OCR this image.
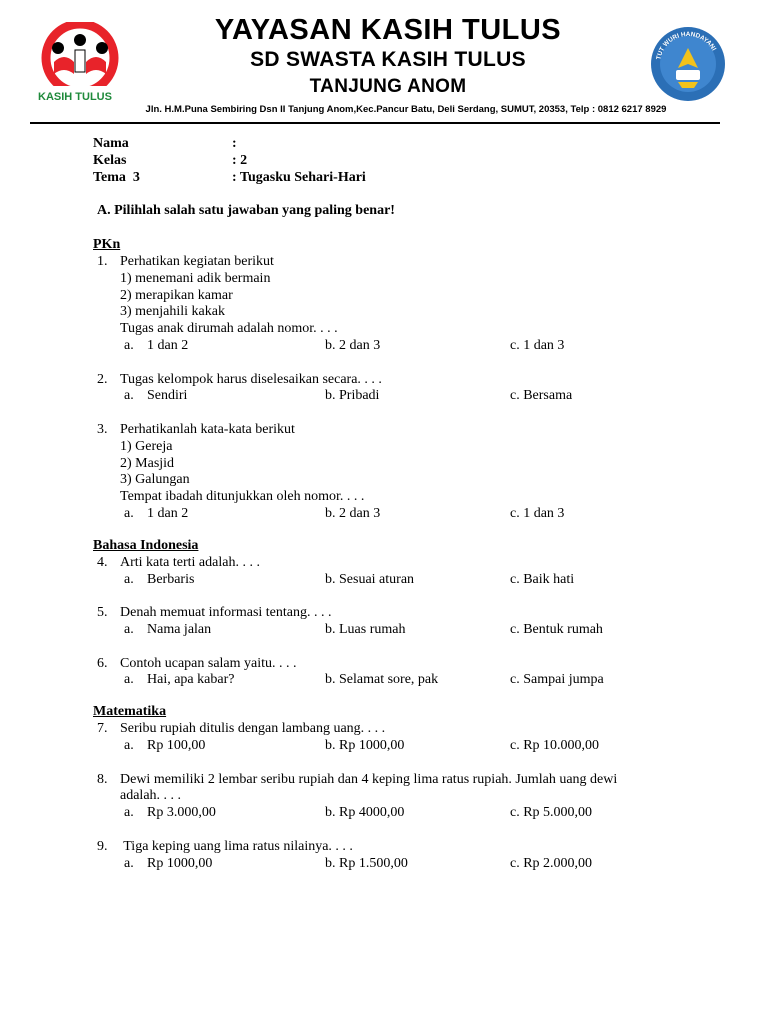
KASIH TULUS
TUT WURI HANDAYANI
YAYASAN KASIH TULUS
SD SWASTA KASIH TULUS
TANJUNG ANOM
Jln. H.M.Puna Sembiring Dsn II Tanjung Anom,Kec.Pancur Batu, Deli Serdang, SUMUT, 20353, Telp : 0812 6217 8929
Nama	:
Kelas	: 2
Tema  3	: Tugasku Sehari-Hari
A. Pilihlah salah satu jawaban yang paling benar!
PKn
1. Perhatikan kegiatan berikut
1) menemani adik bermain
2) merapikan kamar
3) menjahili kakak
Tugas anak dirumah adalah nomor. . . .
a. 1 dan 2	b. 2 dan 3	c. 1 dan 3
2. Tugas kelompok harus diselesaikan secara. . . .
a. Sendiri	b. Pribadi	c. Bersama
3. Perhatikanlah kata-kata berikut
1) Gereja
2) Masjid
3) Galungan
Tempat ibadah ditunjukkan oleh nomor. . . .
a. 1 dan 2	b. 2 dan 3	c. 1 dan 3
Bahasa Indonesia
4. Arti kata terti adalah. . . .
a. Berbaris	b. Sesuai aturan	c. Baik hati
5. Denah memuat informasi tentang. . . .
a. Nama jalan	b. Luas rumah	c. Bentuk rumah
6. Contoh ucapan salam yaitu. . . .
a. Hai, apa kabar?	b. Selamat sore, pak	c. Sampai jumpa
Matematika
7. Seribu rupiah ditulis dengan lambang uang. . . .
a. Rp 100,00	b. Rp 1000,00	c. Rp 10.000,00
8. Dewi memiliki 2 lembar seribu rupiah dan 4 keping lima ratus rupiah. Jumlah uang dewi
adalah. . . .
a. Rp 3.000,00	b. Rp 4000,00	c. Rp 5.000,00
9. Tiga keping uang lima ratus nilainya. . . .
a. Rp 1000,00	b. Rp 1.500,00	c. Rp 2.000,00
